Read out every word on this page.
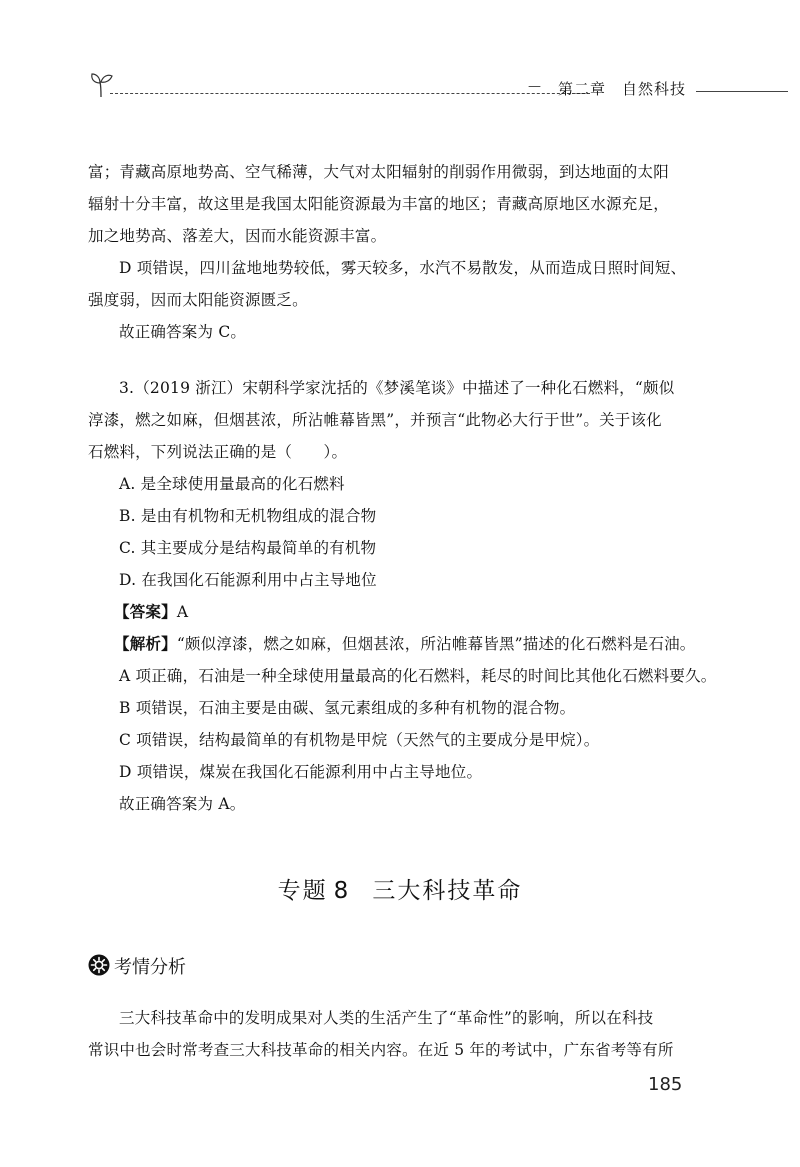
— 第二章　自然科技
富；青藏高原地势高、空气稀薄，大气对太阳辐射的削弱作用微弱，到达地面的太阳
辐射十分丰富，故这里是我国太阳能资源最为丰富的地区；青藏高原地区水源充足，
加之地势高、落差大，因而水能资源丰富。
D 项错误，四川盆地地势较低，雾天较多，水汽不易散发，从而造成日照时间短、
强度弱，因而太阳能资源匮乏。
故正确答案为 C。
3.（2019 浙江）宋朝科学家沈括的《梦溪笔谈》中描述了一种化石燃料，“颇似
淳漆，燃之如麻，但烟甚浓，所沾帷幕皆黑”，并预言“此物必大行于世”。关于该化
石燃料，下列说法正确的是（　　）。
A. 是全球使用量最高的化石燃料
B. 是由有机物和无机物组成的混合物
C. 其主要成分是结构最简单的有机物
D. 在我国化石能源利用中占主导地位
【答案】A
【解析】“颇似淳漆，燃之如麻，但烟甚浓，所沾帷幕皆黑”描述的化石燃料是石油。
A 项正确，石油是一种全球使用量最高的化石燃料，耗尽的时间比其他化石燃料要久。
B 项错误，石油主要是由碳、氢元素组成的多种有机物的混合物。
C 项错误，结构最简单的有机物是甲烷（天然气的主要成分是甲烷）。
D 项错误，煤炭在我国化石能源利用中占主导地位。
故正确答案为 A。
专题 8 三大科技革命
考情分析
三大科技革命中的发明成果对人类的生活产生了“革命性”的影响，所以在科技
常识中也会时常考查三大科技革命的相关内容。在近 5 年的考试中，广东省考等有所
185
